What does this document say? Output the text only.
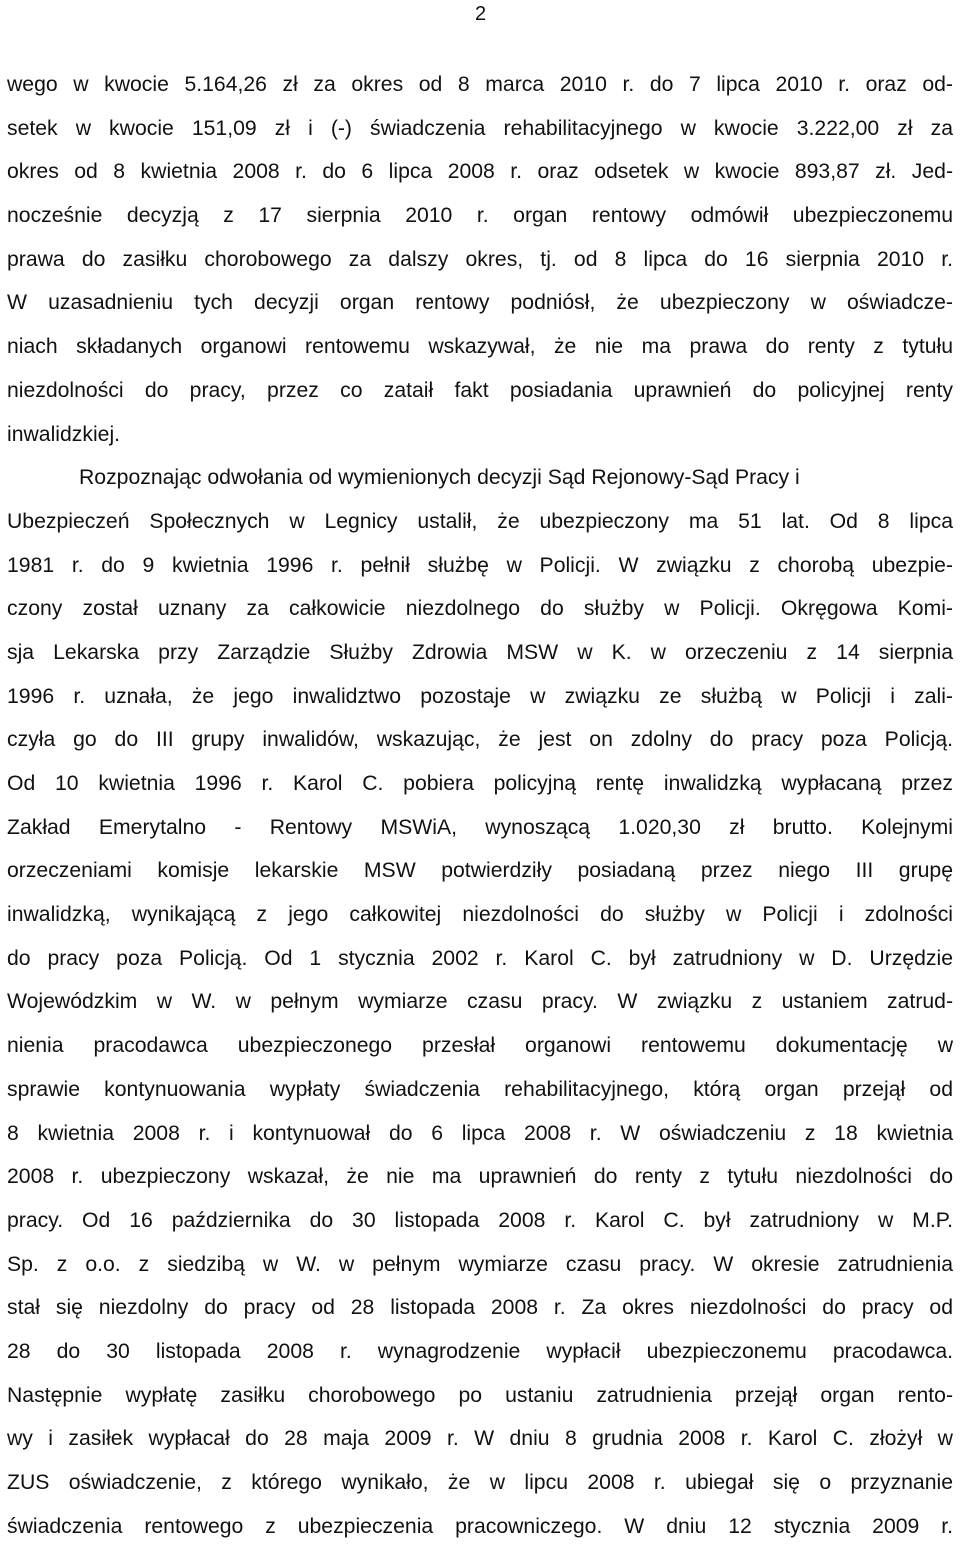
2
wego w kwocie 5.164,26 zł za okres od 8 marca 2010 r. do 7 lipca 2010 r. oraz od-
setek w kwocie 151,09 zł i (-) świadczenia rehabilitacyjnego w kwocie 3.222,00 zł za
okres od 8 kwietnia 2008 r. do 6 lipca 2008 r. oraz odsetek w kwocie 893,87 zł. Jed-
nocześnie decyzją z 17 sierpnia 2010 r. organ rentowy odmówił ubezpieczonemu
prawa do zasiłku chorobowego za dalszy okres, tj. od 8 lipca do 16 sierpnia 2010 r.
W uzasadnieniu tych decyzji organ rentowy podniósł, że ubezpieczony w oświadcze-
niach składanych organowi rentowemu wskazywał, że nie ma prawa do renty z tytułu
niezdolności do pracy, przez co zataił fakt posiadania uprawnień do policyjnej renty
inwalidzkiej.
Rozpoznając odwołania od wymienionych decyzji Sąd Rejonowy-Sąd Pracy i
Ubezpieczeń Społecznych w Legnicy ustalił, że ubezpieczony ma 51 lat. Od 8 lipca
1981 r. do 9 kwietnia 1996 r. pełnił służbę w Policji. W związku z chorobą ubezpie-
czony został uznany za całkowicie niezdolnego do służby w Policji. Okręgowa Komi-
sja Lekarska przy Zarządzie Służby Zdrowia MSW w K. w orzeczeniu z 14 sierpnia
1996 r. uznała, że jego inwalidztwo pozostaje w związku ze służbą w Policji i zali-
czyła go do III grupy inwalidów, wskazując, że jest on zdolny do pracy poza Policją.
Od 10 kwietnia 1996 r. Karol C. pobiera policyjną rentę inwalidzką wypłacaną przez
Zakład Emerytalno - Rentowy MSWiA, wynoszącą 1.020,30 zł brutto. Kolejnymi
orzeczeniami komisje lekarskie MSW potwierdziły posiadaną przez niego III grupę
inwalidzką, wynikającą z jego całkowitej niezdolności do służby w Policji i zdolności
do pracy poza Policją. Od 1 stycznia 2002 r. Karol C. był zatrudniony w D. Urzędzie
Wojewódzkim w W. w pełnym wymiarze czasu pracy. W związku z ustaniem zatrud-
nienia pracodawca ubezpieczonego przesłał organowi rentowemu dokumentację w
sprawie kontynuowania wypłaty świadczenia rehabilitacyjnego, którą organ przejął od
8 kwietnia 2008 r. i kontynuował do 6 lipca 2008 r. W oświadczeniu z 18 kwietnia
2008 r. ubezpieczony wskazał, że nie ma uprawnień do renty z tytułu niezdolności do
pracy. Od 16 października do 30 listopada 2008 r. Karol C. był zatrudniony w M.P.
Sp. z o.o. z siedzibą w W. w pełnym wymiarze czasu pracy. W okresie zatrudnienia
stał się niezdolny do pracy od 28 listopada 2008 r. Za okres niezdolności do pracy od
28 do 30 listopada 2008 r. wynagrodzenie wypłacił ubezpieczonemu pracodawca.
Następnie wypłatę zasiłku chorobowego po ustaniu zatrudnienia przejął organ rento-
wy i zasiłek wypłacał do 28 maja 2009 r. W dniu 8 grudnia 2008 r. Karol C. złożył w
ZUS oświadczenie, z którego wynikało, że w lipcu 2008 r. ubiegał się o przyznanie
świadczenia rentowego z ubezpieczenia pracowniczego. W dniu 12 stycznia 2009 r.
